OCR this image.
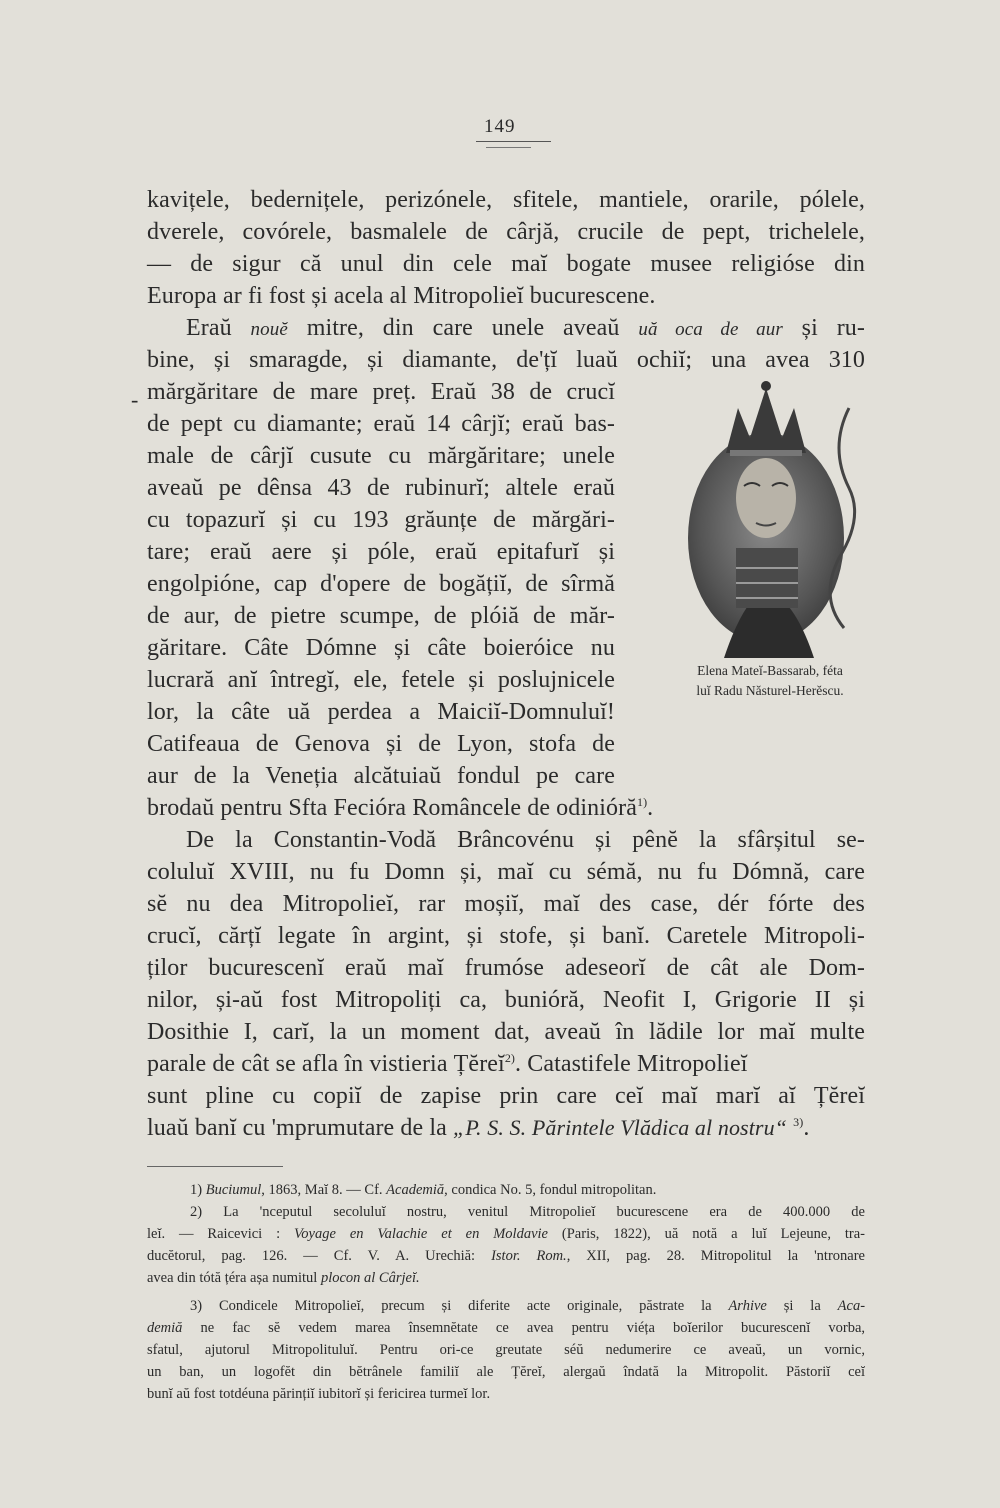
149
kavițele, bedernițele, perizónele, sfitele, mantiele, orarile, pólele,
dverele, covórele, basmalele de cârjă, crucile de pept, trichelele,
— de sigur că unul din cele maĭ bogate musee religióse din
Europa ar fi fost și acela al Mitropolieĭ bucurescene.
Eraŭ nouĕ mitre, din care unele aveaŭ uă oca de aur și ru-
bine, și smaragde, și diamante, de'țĭ luaŭ ochiĭ; una avea 310
mărgăritare de mare preț. Eraŭ 38 de crucĭ
-
de pept cu diamante; eraŭ 14 cârjĭ; eraŭ bas-
male de cârjĭ cusute cu mărgăritare; unele
aveaŭ pe dênsa 43 de rubinurĭ; altele eraŭ
cu topazurĭ și cu 193 grăunțe de mărgări-
tare; eraŭ aere și póle, eraŭ epitafurĭ și
engolpióne, cap d'opere de bogățiĭ, de sîrmă
de aur, de pietre scumpe, de plóiă de măr-
găritare. Câte Dómne și câte boieróice nu
lucrară anĭ întregĭ, ele, fetele și poslujnicele
lor, la câte uă perdea a Maiciĭ-Domnuluĭ!
Catifeaua de Genova și de Lyon, stofa de
aur de la Veneția alcătuiaŭ fondul pe care
brodaŭ pentru Sfta Fecióra Româncele de odinióră$^{1)}$.
Elena Mateĭ-Bassarab, féta
luĭ Radu Năsturel-Herĕscu.
De la Constantin-Vodă Brâncovénu și pênĕ la sfârșitul se-
coluluĭ XVIII, nu fu Domn și, maĭ cu sémă, nu fu Dómnă, care
sĕ nu dea Mitropolieĭ, rar moșiĭ, maĭ des case, dér fórte des
crucĭ, cărțĭ legate în argint, și stofe, și banĭ. Caretele Mitropoli-
ților bucurescenĭ eraŭ maĭ frumóse adeseorĭ de cât ale Dom-
nilor, și-aŭ fost Mitropoliți ca, bunióră, Neofit I, Grigorie II și
Dosithie I, carĭ, la un moment dat, aveaŭ în lădile lor maĭ multe
parale de cât se afla în vistieria Țĕreĭ$^{2)}$. Catastifele Mitropolieĭ
sunt pline cu copiĭ de zapise prin care ceĭ maĭ marĭ aĭ Țĕreĭ
luaŭ banĭ cu 'mprumutare de la „P. S. S. Părintele Vlădica al nostru“ $^{3)}$.
1) Buciumul, 1863, Maĭ 8. — Cf. Academiă, condica No. 5, fondul mitropolitan.
2) La 'nceputul secoluluĭ nostru, venitul Mitropolieĭ bucurescene era de 400.000 de
leĭ. — Raicevici : Voyage en Valachie et en Moldavie (Paris, 1822), uă notă a luĭ Lejeune, tra-
ducĕtorul, pag. 126. — Cf. V. A. Urechiă: Istor. Rom., XII, pag. 28. Mitropolitul la 'ntronare
avea din tótă țéra așa numitul plocon al Cârjeĭ.
3) Condicele Mitropolieĭ, precum și diferite acte originale, păstrate la Arhive și la Aca-
demiă ne fac sĕ vedem marea însemnĕtate ce avea pentru viéța boĭerilor bucurescenĭ vorba,
sfatul, ajutorul Mitropolituluĭ. Pentru ori-ce greutate séŭ nedumerire ce aveaŭ, un vornic,
un ban, un logofĕt din bĕtrânele familiĭ ale Țĕreĭ, alergaŭ îndată la Mitropolit. Păstoriĭ ceĭ
bunĭ aŭ fost totdéuna părințiĭ iubitorĭ și fericirea turmeĭ lor.
